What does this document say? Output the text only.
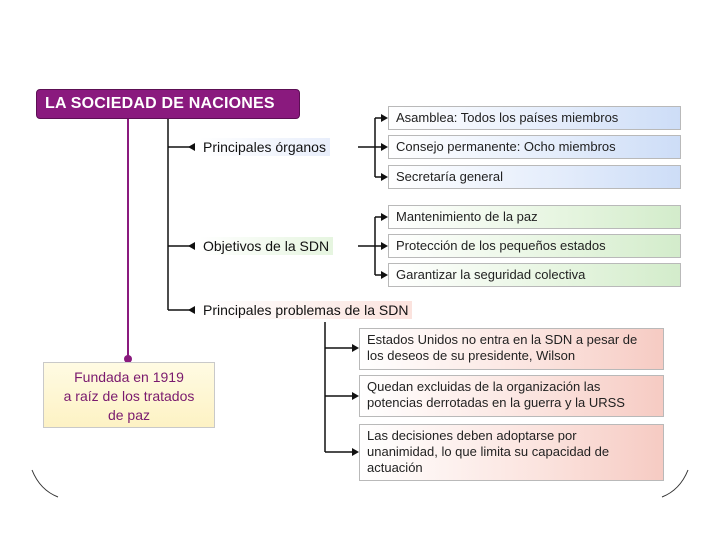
LA SOCIEDAD DE NACIONES
Fundada en 1919
a raíz de los tratados
de paz
Principales órganos
Objetivos de la SDN
Principales problemas de la SDN
Asamblea: Todos los países miembros
Consejo permanente: Ocho miembros
Secretaría general
Mantenimiento de la paz
Protección de los pequeños estados
Garantizar la seguridad colectiva
Estados Unidos no entra en la SDN a pesar de
los deseos de su presidente, Wilson
Quedan excluidas de la organización las
potencias derrotadas en la guerra y la URSS
Las decisiones deben adoptarse por
unanimidad, lo que limita su capacidad de
actuación
